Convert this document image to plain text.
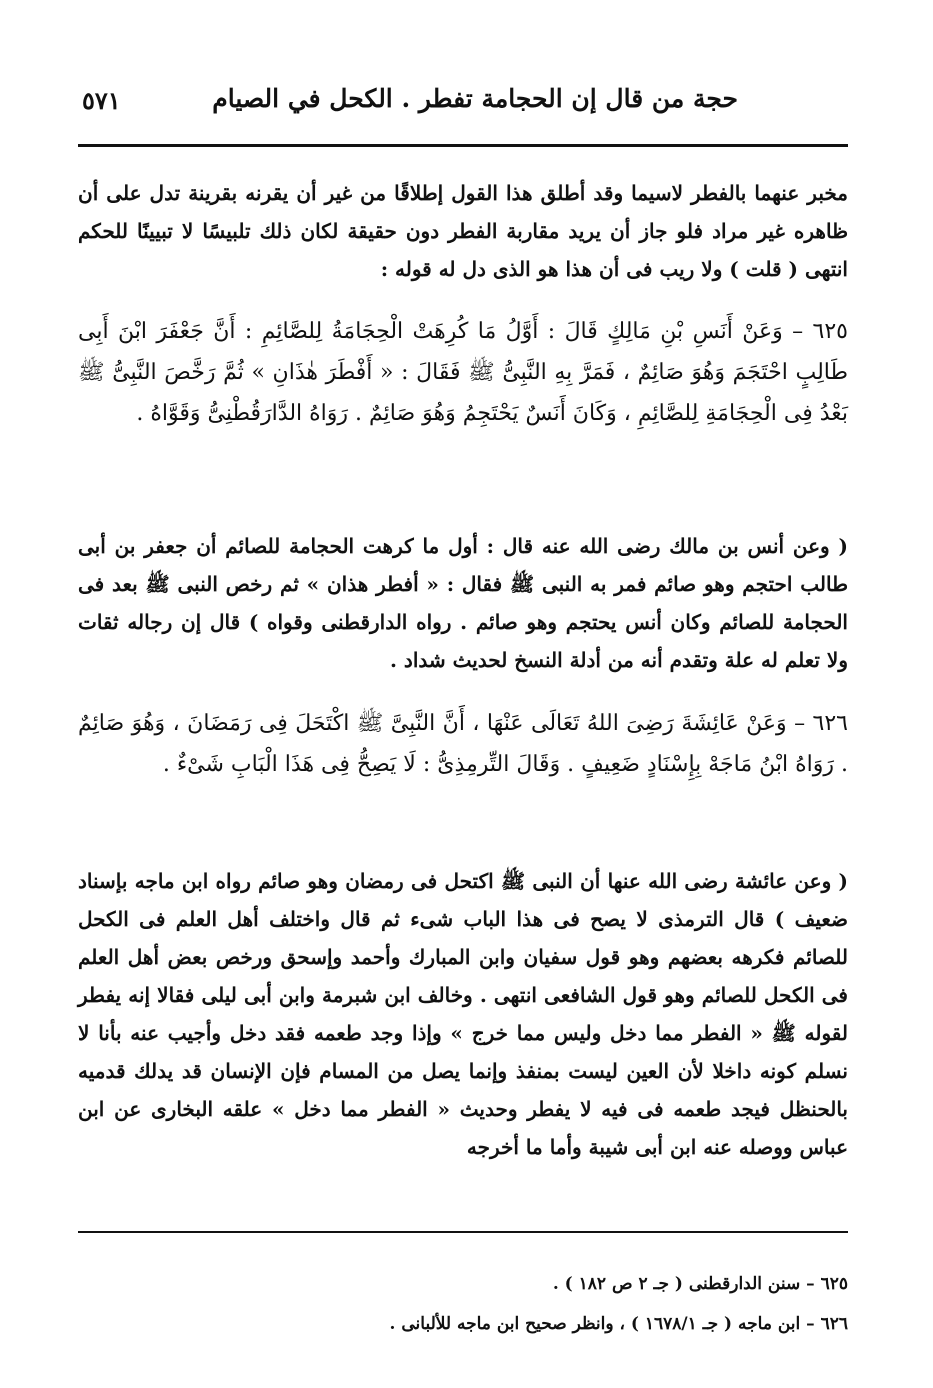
حجة من قال إن الحجامة تفطر . الكحل في الصيام
٥٧١

مخبر عنهما بالفطر لاسيما وقد أطلق هذا القول إطلاقًا من غير أن يقرنه بقرينة تدل على أن ظاهره غير مراد فلو جاز أن يريد مقاربة الفطر دون حقيقة لكان ذلك تلبيسًا لا تبيينًا للحكم انتهى ( قلت ) ولا ريب فى أن هذا هو الذى دل له قوله :

٦٢٥ – وَعَنْ أَنَسِ بْنِ مَالِكٍ قَالَ : أَوَّلُ مَا كُرِهَتْ الْحِجَامَةُ لِلصَّائِمِ : أَنَّ جَعْفَرَ ابْنَ أَبِى طَالِبٍ احْتَجَمَ وَهُوَ صَائِمٌ ، فَمَرَّ بِهِ النَّبِىُّ ﷺ فَقَالَ : « أَفْطَرَ هٰذَانِ » ثُمَّ رَخَّصَ النَّبِىُّ ﷺ بَعْدُ فِى الْحِجَامَةِ لِلصَّائِمِ ، وَكَانَ أَنَسٌ يَحْتَجِمُ وَهُوَ صَائِمٌ . رَوَاهُ الدَّارَقُطْنِىُّ وَقَوَّاهُ .

( وعن أنس بن مالك رضى الله عنه قال : أول ما كرهت الحجامة للصائم أن جعفر بن أبى طالب احتجم وهو صائم فمر به النبى ﷺ فقال : « أفطر هذان » ثم رخص النبى ﷺ بعد فى الحجامة للصائم وكان أنس يحتجم وهو صائم . رواه الدارقطنى وقواه ) قال إن رجاله ثقات ولا تعلم له علة وتقدم أنه من أدلة النسخ لحديث شداد .

٦٢٦ – وَعَنْ عَائِشَةَ رَضِىَ اللهُ تَعَالَى عَنْهَا ، أَنَّ النَّبِىَّ ﷺ اكْتَحَلَ فِى رَمَضَانَ ، وَهُوَ صَائِمٌ . رَوَاهُ ابْنُ مَاجَهْ بِإِسْنَادٍ ضَعِيفٍ . وَقَالَ التِّرمِذِىُّ : لَا يَصِحُّ فِى هَذَا الْبَابِ شَىْءٌ .

( وعن عائشة رضى الله عنها أن النبى ﷺ اكتحل فى رمضان وهو صائم رواه ابن ماجه بإسناد ضعيف ) قال الترمذى لا يصح فى هذا الباب شىء ثم قال واختلف أهل العلم فى الكحل للصائم فكرهه بعضهم وهو قول سفيان وابن المبارك وأحمد وإسحق ورخص بعض أهل العلم فى الكحل للصائم وهو قول الشافعى انتهى . وخالف ابن شبرمة وابن أبى ليلى فقالا إنه يفطر لقوله ﷺ « الفطر مما دخل وليس مما خرج » وإذا وجد طعمه فقد دخل وأجيب عنه بأنا لا نسلم كونه داخلا لأن العين ليست بمنفذ وإنما يصل من المسام فإن الإنسان قد يدلك قدميه بالحنظل فيجد طعمه فى فيه لا يفطر وحديث « الفطر مما دخل » علقه البخارى عن ابن عباس ووصله عنه ابن أبى شيبة وأما ما أخرجه

٦٢٥ – سنن الدارقطنى ( جـ ٢ ص ١٨٢ ) .
٦٢٦ – ابن ماجه ( جـ ١٦٧٨/١ ) ، وانظر صحيح ابن ماجه للألبانى .
